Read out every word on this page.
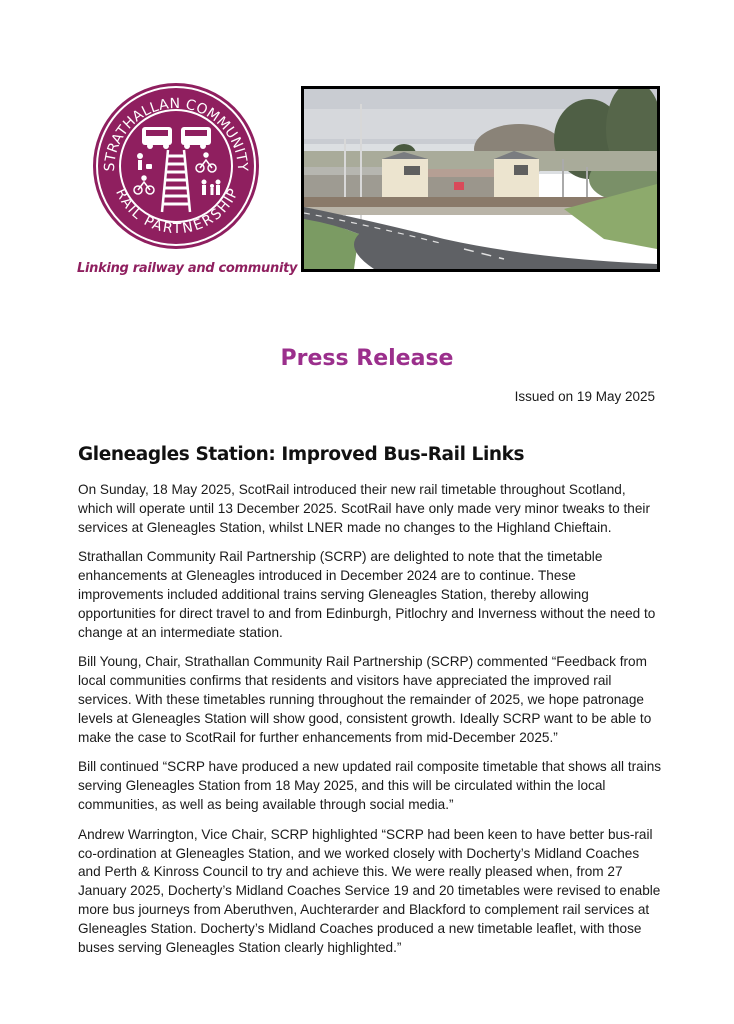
STRATHALLAN COMMUNITY
RAIL PARTNERSHIP
Linking railway and community
Press Release
Issued on 19 May 2025
Gleneagles Station: Improved Bus-Rail Links

On Sunday, 18 May 2025, ScotRail introduced their new rail timetable throughout Scotland, which will operate until 13 December 2025. ScotRail have only made very minor tweaks to their services at Gleneagles Station, whilst LNER made no changes to the Highland Chieftain.

Strathallan Community Rail Partnership (SCRP) are delighted to note that the timetable enhancements at Gleneagles introduced in December 2024 are to continue. These improvements included additional trains serving Gleneagles Station, thereby allowing opportunities for direct travel to and from Edinburgh, Pitlochry and Inverness without the need to change at an intermediate station.

Bill Young, Chair, Strathallan Community Rail Partnership (SCRP) commented “Feedback from local communities confirms that residents and visitors have appreciated the improved rail services. With these timetables running throughout the remainder of 2025, we hope patronage levels at Gleneagles Station will show good, consistent growth. Ideally SCRP want to be able to make the case to ScotRail for further enhancements from mid-December 2025.”

Bill continued “SCRP have produced a new updated rail composite timetable that shows all trains serving Gleneagles Station from 18 May 2025, and this will be circulated within the local communities, as well as being available through social media.”

Andrew Warrington, Vice Chair, SCRP highlighted “SCRP had been keen to have better bus-rail co-ordination at Gleneagles Station, and we worked closely with Docherty’s Midland Coaches and Perth & Kinross Council to try and achieve this. We were really pleased when, from 27 January 2025, Docherty’s Midland Coaches Service 19 and 20 timetables were revised to enable more bus journeys from Aberuthven, Auchterarder and Blackford to complement rail services at Gleneagles Station. Docherty’s Midland Coaches produced a new timetable leaflet, with those buses serving Gleneagles Station clearly highlighted.”
